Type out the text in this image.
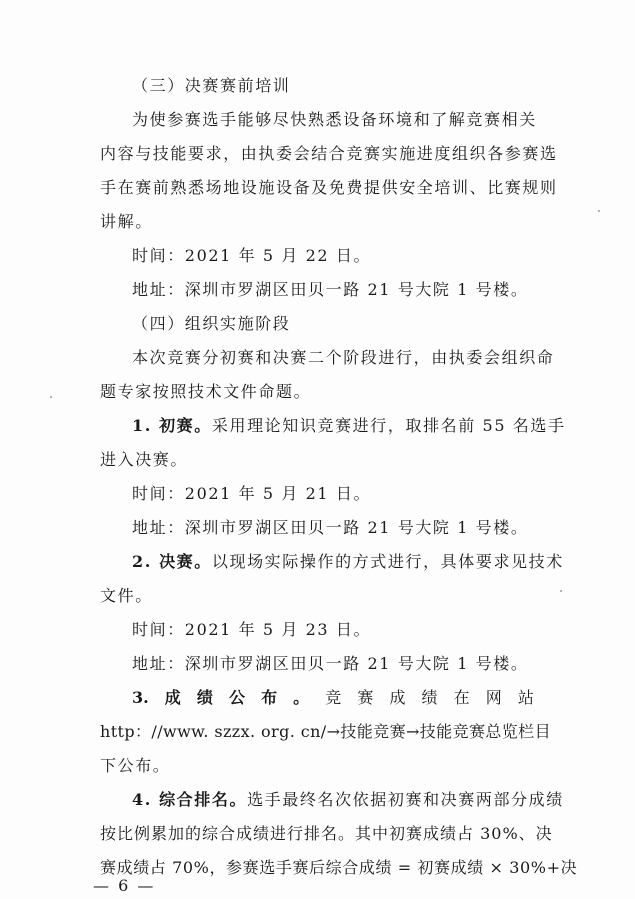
（三）决赛赛前培训
为使参赛选手能够尽快熟悉设备环境和了解竞赛相关
内容与技能要求，由执委会结合竞赛实施进度组织各参赛选
手在赛前熟悉场地设施设备及免费提供安全培训、比赛规则
讲解。
时间：2021 年 5 月 22 日。
地址：深圳市罗湖区田贝一路 21 号大院 1 号楼。
（四）组织实施阶段
本次竞赛分初赛和决赛二个阶段进行，由执委会组织命
题专家按照技术文件命题。
1. 初赛。采用理论知识竞赛进行，取排名前 55 名选手
进入决赛。
时间：2021 年 5 月 21 日。
地址：深圳市罗湖区田贝一路 21 号大院 1 号楼。
2. 决赛。以现场实际操作的方式进行，具体要求见技术
文件。
时间：2021 年 5 月 23 日。
地址：深圳市罗湖区田贝一路 21 号大院 1 号楼。
3. 成 绩 公 布 。 竞 赛 成 绩 在 网 站
http：//www. szzx. org. cn/→技能竞赛→技能竞赛总览栏目
下公布。
4. 综合排名。选手最终名次依据初赛和决赛两部分成绩
按比例累加的综合成绩进行排名。其中初赛成绩占 30%、决
赛成绩占 70%，参赛选手赛后综合成绩 = 初赛成绩 × 30%+决
— 6 —
